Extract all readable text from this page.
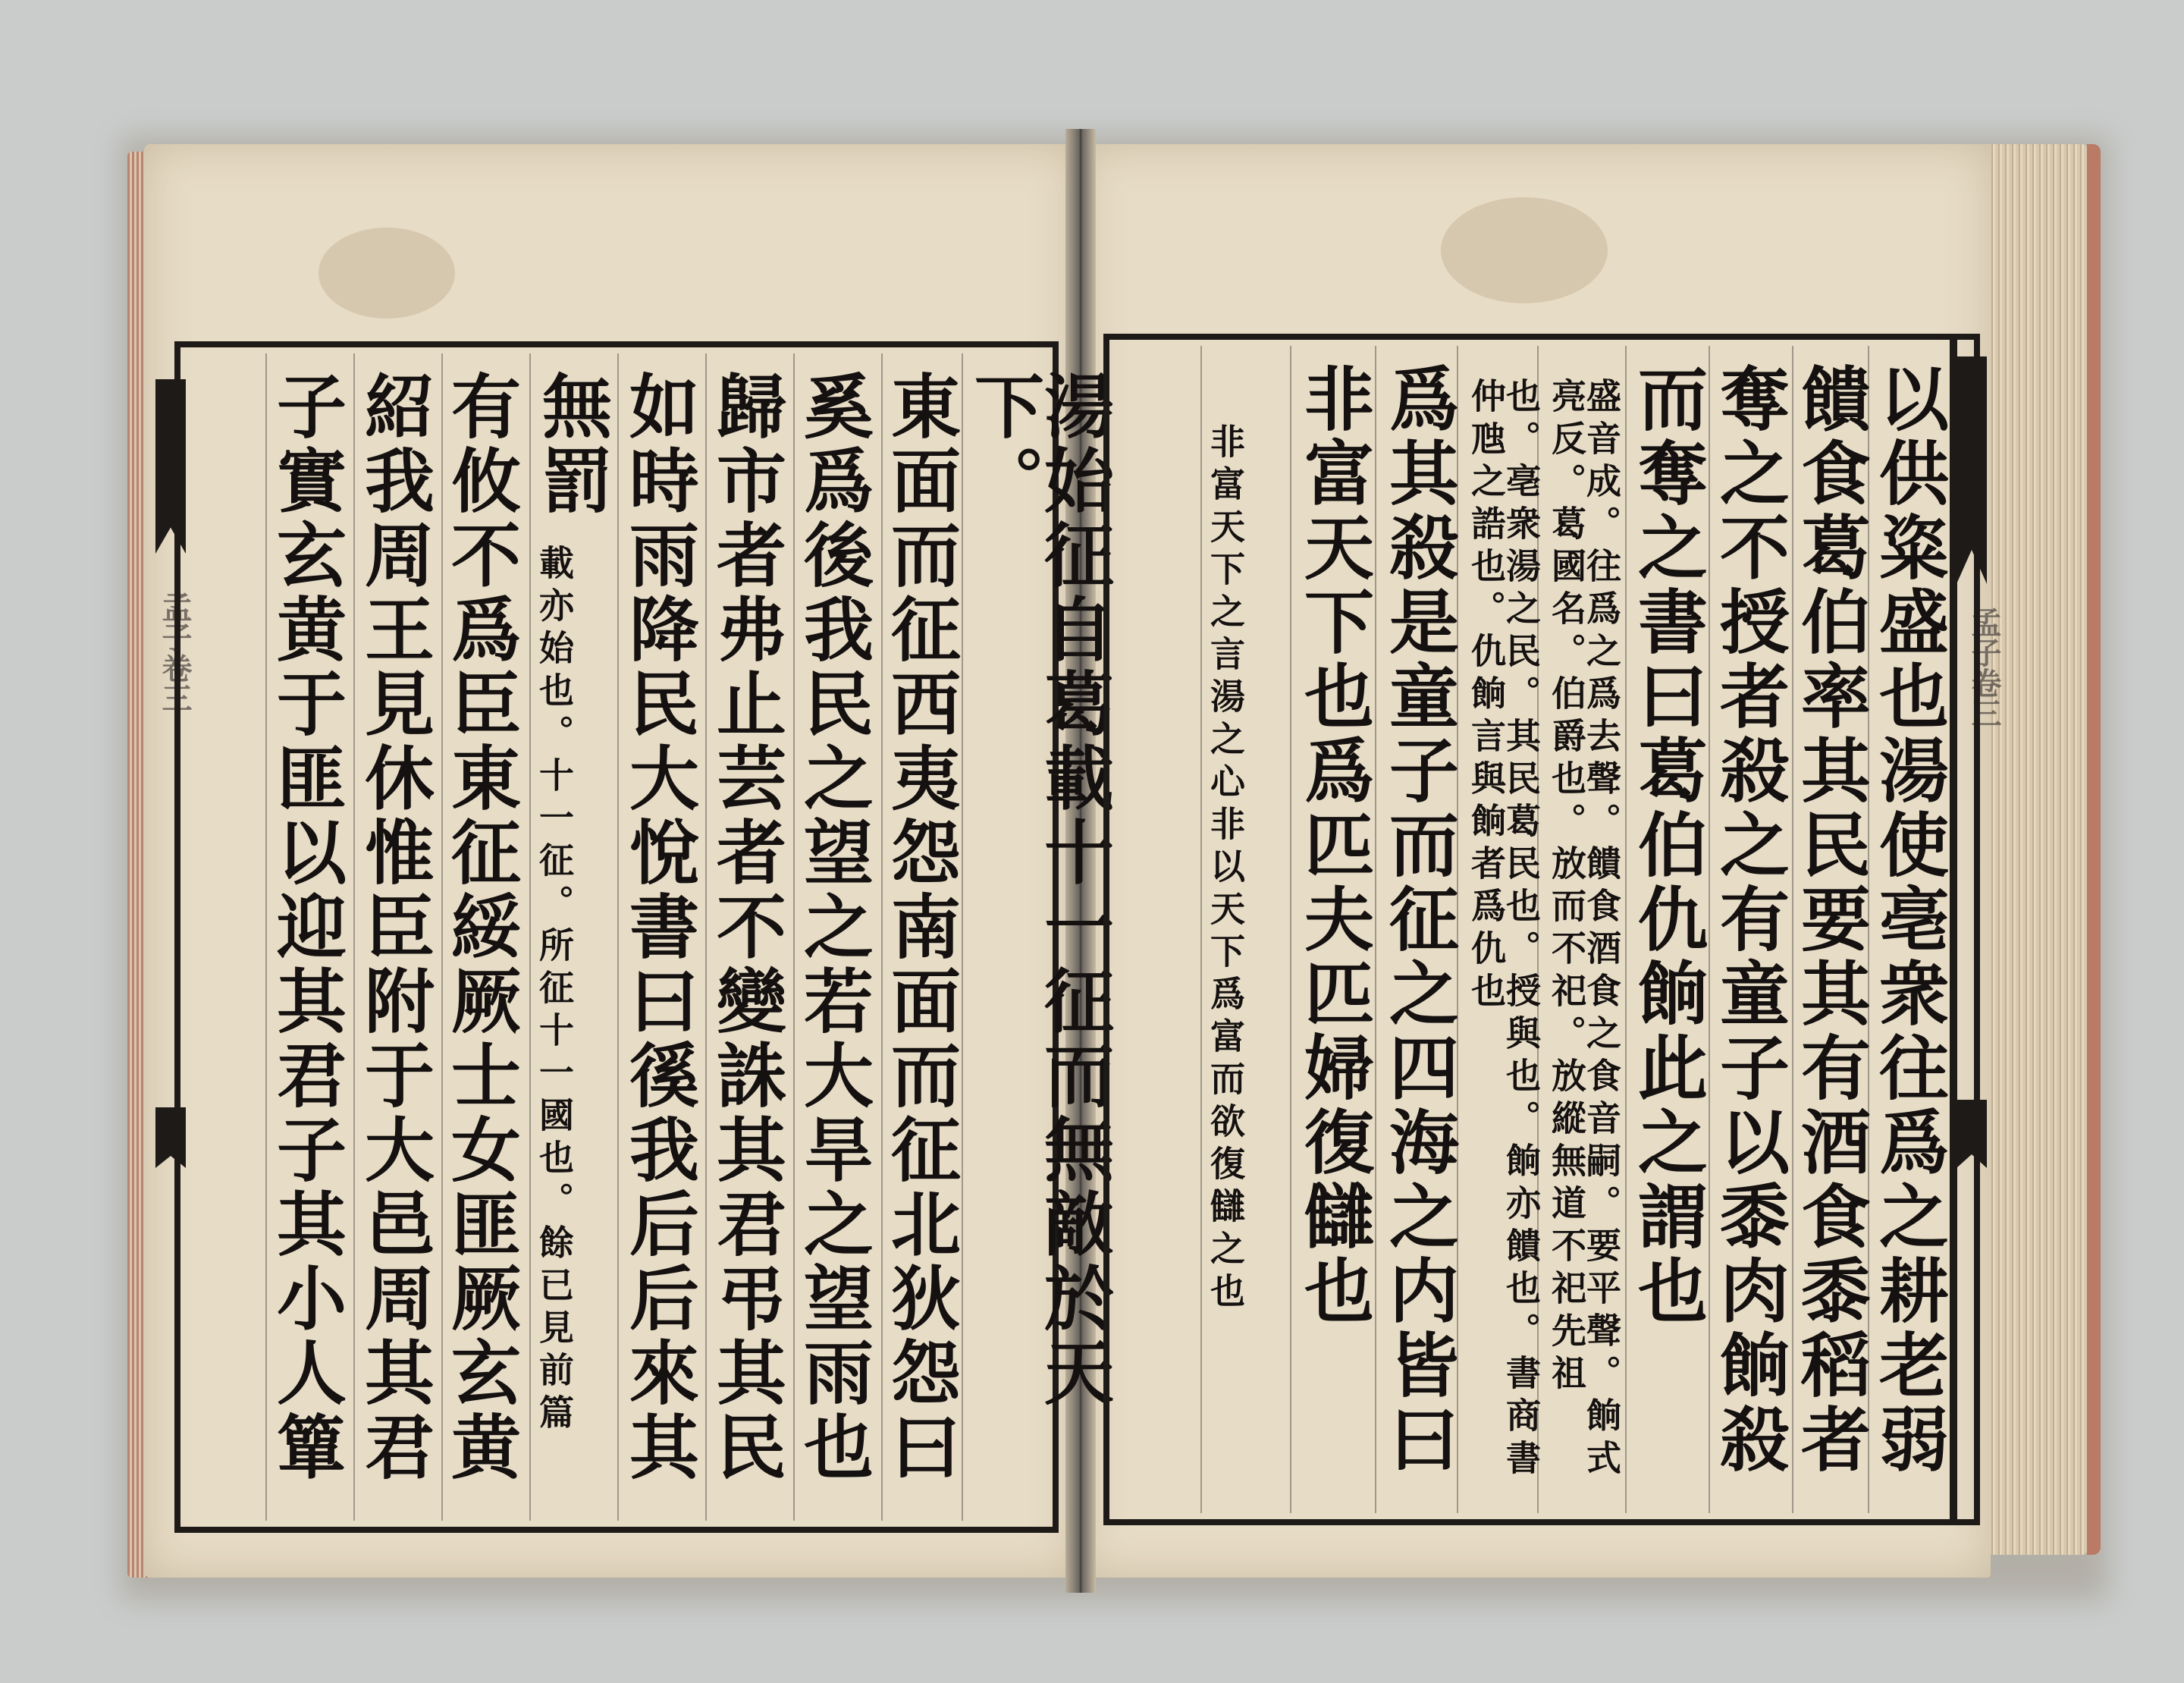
孟子卷三	孟子卷三
湯始征自葛載十一征而無敵於天下。
東面而征西夷怨南面而征北狄怨曰
奚爲後我民之望之若大旱之望雨也
歸市者弗止芸者不變誅其君弔其民
如時雨降民大悅書曰徯我后后來其
無罰
載亦始也。十一征。所征十一國也。餘已見前篇
有攸不爲臣東征綏厥士女匪厥玄黄
紹我周王見休惟臣附于大邑周其君
子實玄黄于匪以迎其君子其小人簞	以供粢盛也湯使亳衆往爲之耕老弱
饋食葛伯率其民要其有酒食黍稻者
奪之不授者殺之有童子以黍肉餉殺
而奪之書曰葛伯仇餉此之謂也
盛音成。往爲之爲去聲。饋食酒食之食音嗣。要平聲。餉式亮反。葛國名。伯爵也。放而不祀。放縱無道不祀先祖
也。亳衆湯之民。其民葛民也。授與也。餉亦饋也。書商書仲虺之誥也。仇餉言與餉者爲仇也
爲其殺是童子而征之四海之内皆曰
非富天下也爲匹夫匹婦復讎也
非富天下之言湯之心非以天下爲富而欲復讎之也
